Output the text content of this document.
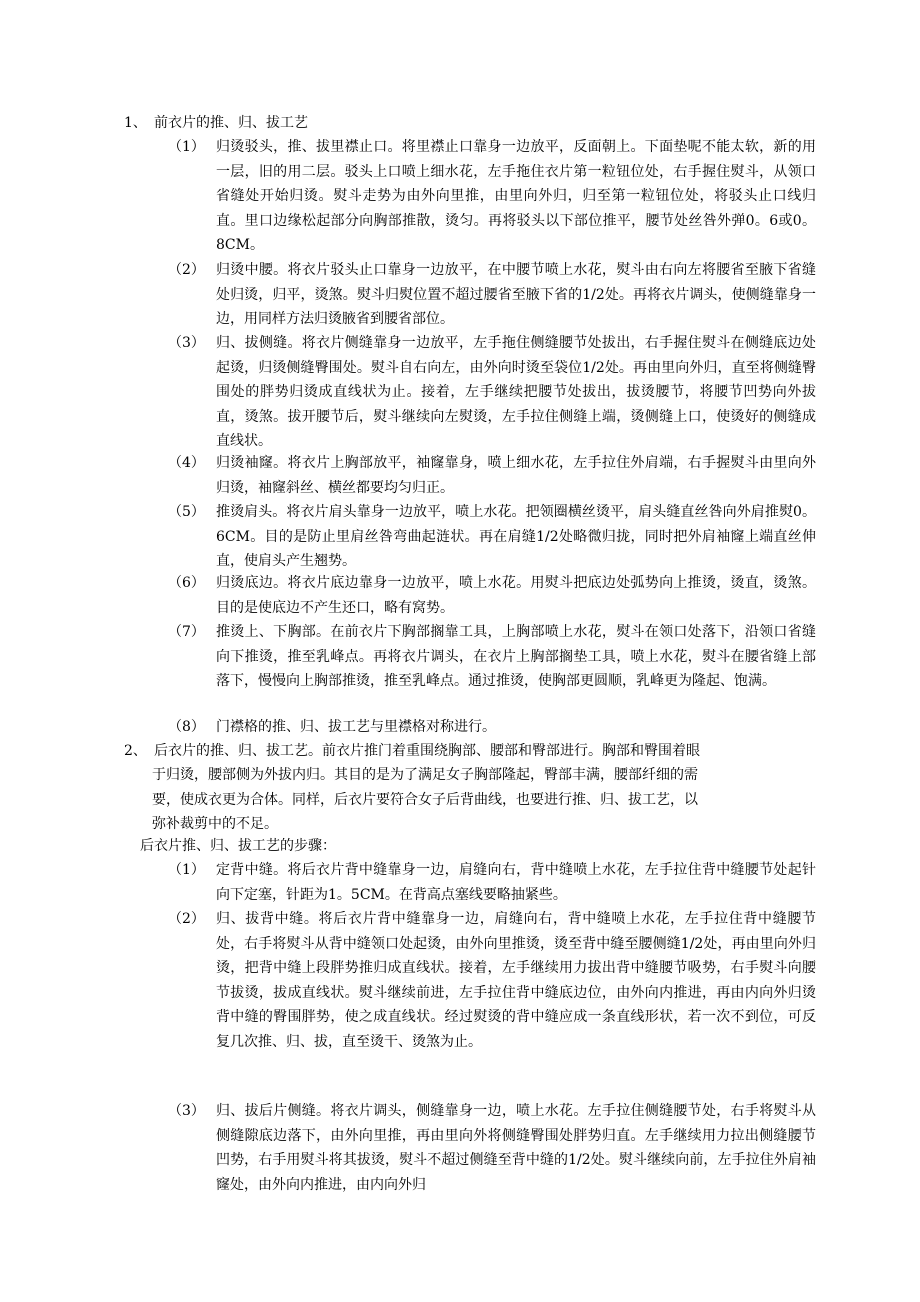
1、 前衣片的推、归、拔工艺
（1） 归烫驳头，推、拔里襟止口。将里襟止口靠身一边放平，反面朝上。下面垫呢不能太软，新的用一层，旧的用二层。驳头上口喷上细水花，左手拖住衣片第一粒钮位处，右手握住熨斗，从领口省缝处开始归烫。熨斗走势为由外向里推，由里向外归，归至第一粒钮位处，将驳头止口线归直。里口边缘松起部分向胸部推散，烫匀。再将驳头以下部位推平，腰节处丝咎外弹0。6或0。8CM。
（2） 归烫中腰。将衣片驳头止口靠身一边放平，在中腰节喷上水花，熨斗由右向左将腰省至腋下省缝处归烫，归平，烫煞。熨斗归熨位置不超过腰省至腋下省的1/2处。再将衣片调头，使侧缝靠身一边，用同样方法归烫腋省到腰省部位。
（3） 归、拔侧缝。将衣片侧缝靠身一边放平，左手拖住侧缝腰节处拔出，右手握住熨斗在侧缝底边处起烫，归烫侧缝臀围处。熨斗自右向左，由外向时烫至袋位1/2处。再由里向外归，直至将侧缝臀围处的胖势归烫成直线状为止。接着，左手继续把腰节处拔出，拔烫腰节，将腰节凹势向外拔直，烫煞。拔开腰节后，熨斗继续向左熨烫，左手拉住侧缝上端，烫侧缝上口，使烫好的侧缝成直线状。
（4） 归烫袖窿。将衣片上胸部放平，袖窿靠身，喷上细水花，左手拉住外肩端，右手握熨斗由里向外归烫，袖窿斜丝、横丝都要均匀归正。
（5） 推烫肩头。将衣片肩头靠身一边放平，喷上水花。把领圈横丝烫平，肩头缝直丝咎向外肩推熨0。6CM。目的是防止里肩丝咎弯曲起涟状。再在肩缝1/2处略微归拢，同时把外肩袖窿上端直丝伸直，使肩头产生翘势。
（6） 归烫底边。将衣片底边靠身一边放平，喷上水花。用熨斗把底边处弧势向上推烫，烫直，烫煞。目的是使底边不产生还口，略有窝势。
（7） 推烫上、下胸部。在前衣片下胸部搁靠工具，上胸部喷上水花，熨斗在领口处落下，沿领口省缝向下推烫，推至乳峰点。再将衣片调头，在衣片上胸部搁垫工具，喷上水花，熨斗在腰省缝上部落下，慢慢向上胸部推烫，推至乳峰点。通过推烫，使胸部更圆顺，乳峰更为隆起、饱满。
（8） 门襟格的推、归、拔工艺与里襟格对称进行。
2、 后衣片的推、归、拔工艺。前衣片推门着重围绕胸部、腰部和臀部进行。胸部和臀围着眼
于归烫，腰部侧为外拔内归。其目的是为了满足女子胸部隆起，臀部丰满，腰部纤细的需
要，使成衣更为合体。同样，后衣片要符合女子后背曲线，也要进行推、归、拔工艺，以
弥补裁剪中的不足。
后衣片推、归、拔工艺的步骤：
（1） 定背中缝。将后衣片背中缝靠身一边，肩缝向右，背中缝喷上水花，左手拉住背中缝腰节处起针向下定塞，针距为1。5CM。在背高点塞线要略抽紧些。
（2） 归、拔背中缝。将后衣片背中缝靠身一边，肩缝向右，背中缝喷上水花，左手拉住背中缝腰节处，右手将熨斗从背中缝领口处起烫，由外向里推烫，烫至背中缝至腰侧缝1/2处，再由里向外归烫，把背中缝上段胖势推归成直线状。接着，左手继续用力拔出背中缝腰节吸势，右手熨斗向腰节拔烫，拔成直线状。熨斗继续前进，左手拉住背中缝底边位，由外向内推进，再由内向外归烫背中缝的臀围胖势，使之成直线状。经过熨烫的背中缝应成一条直线形状，若一次不到位，可反复几次推、归、拔，直至烫干、烫煞为止。
（3） 归、拔后片侧缝。将衣片调头，侧缝靠身一边，喷上水花。左手拉住侧缝腰节处，右手将熨斗从侧缝隙底边落下，由外向里推，再由里向外将侧缝臀围处胖势归直。左手继续用力拉出侧缝腰节凹势，右手用熨斗将其拔烫，熨斗不超过侧缝至背中缝的1/2处。熨斗继续向前，左手拉住外肩袖窿处，由外向内推进，由内向外归
